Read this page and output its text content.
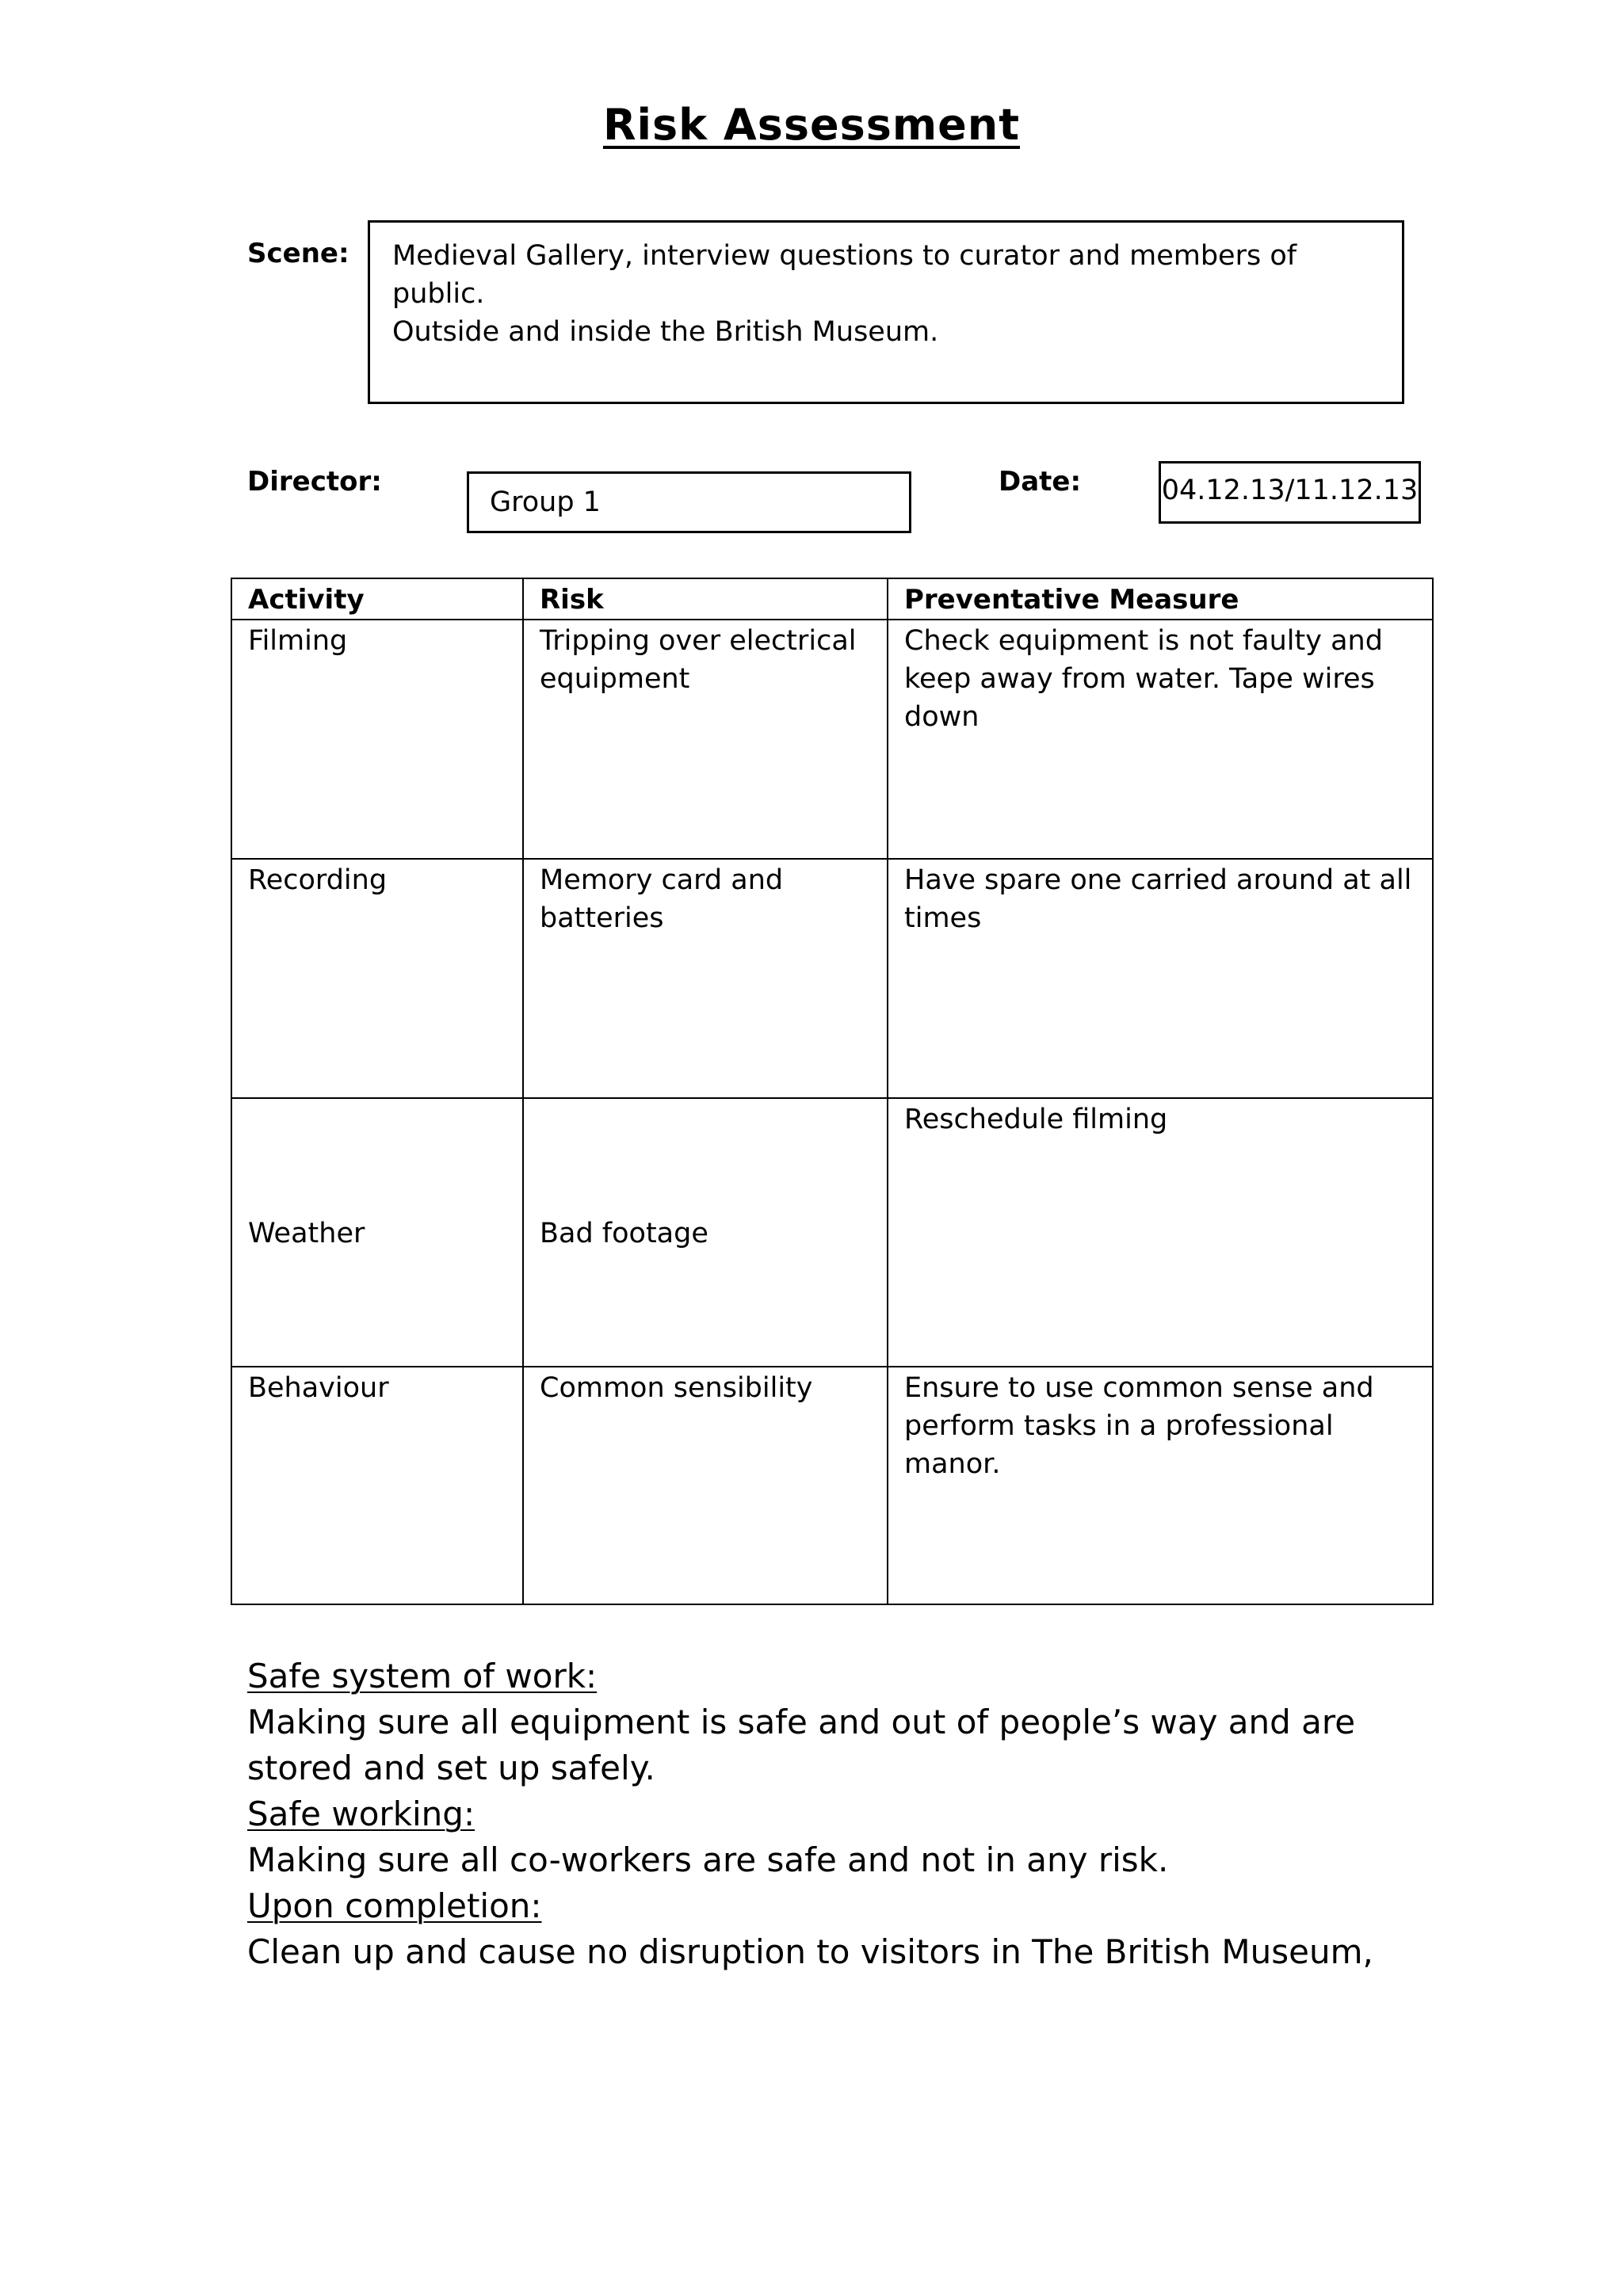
Risk Assessment
Scene: Medieval Gallery, interview questions to curator and members of public.
Outside and inside the British Museum.
Director:
Group 1
Date:	04.12.13/11.12.13
Activity	Risk	Preventative Measure
Filming	Tripping over electrical equipment	Check equipment is not faulty and keep away from water. Tape wires down
Recording	Memory card and batteries	Have spare one carried around at all times
Weather	Bad footage	Reschedule filming
Behaviour	Common sensibility	Ensure to use common sense and perform tasks in a professional manor.
Safe system of work:
Making sure all equipment is safe and out of people’s way and are stored and set up safely.
Safe working:
Making sure all co-workers are safe and not in any risk.
Upon completion:
Clean up and cause no disruption to visitors in The British Museum,
